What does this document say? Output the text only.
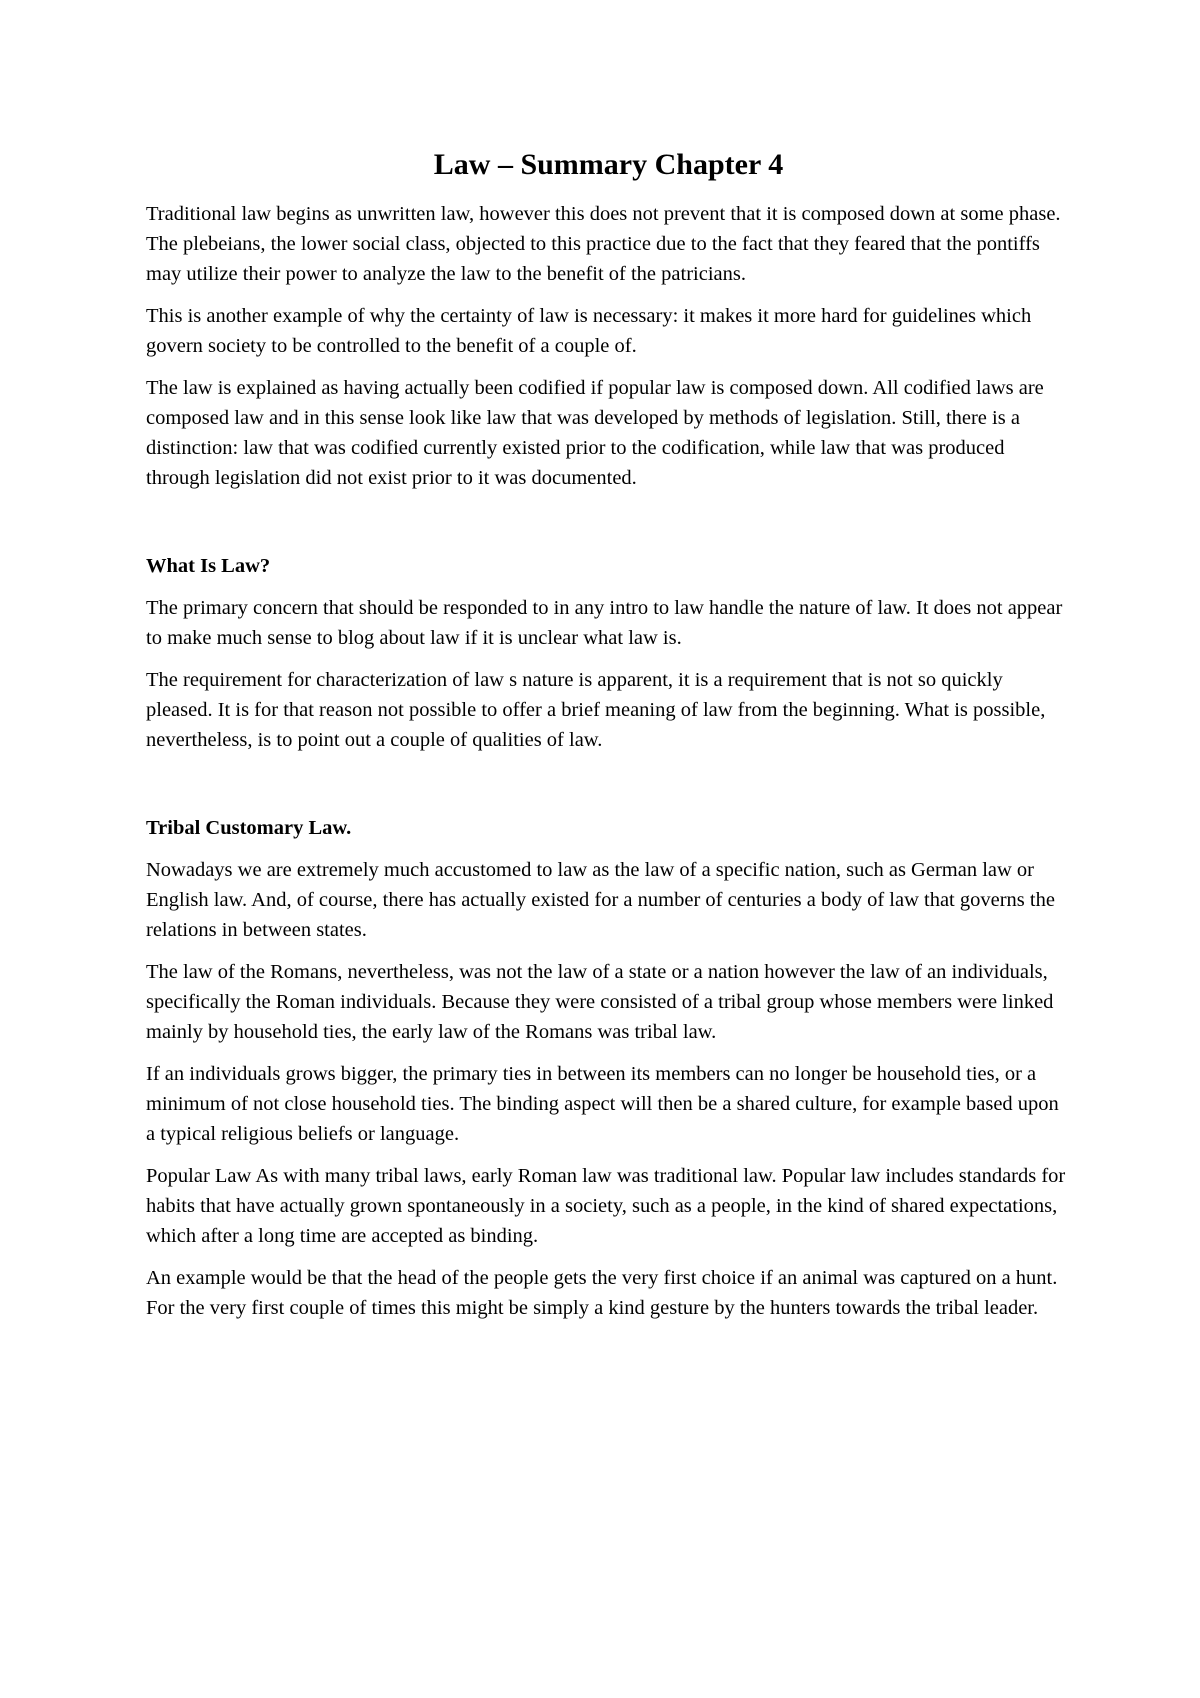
Law – Summary Chapter 4

Traditional law begins as unwritten law, however this does not prevent that it is composed down at some phase. The plebeians, the lower social class, objected to this practice due to the fact that they feared that the pontiffs may utilize their power to analyze the law to the benefit of the patricians.

This is another example of why the certainty of law is necessary: it makes it more hard for guidelines which govern society to be controlled to the benefit of a couple of.

The law is explained as having actually been codified if popular law is composed down. All codified laws are composed law and in this sense look like law that was developed by methods of legislation. Still, there is a distinction: law that was codified currently existed prior to the codification, while law that was produced through legislation did not exist prior to it was documented.

What Is Law?

The primary concern that should be responded to in any intro to law handle the nature of law. It does not appear to make much sense to blog about law if it is unclear what law is.

The requirement for characterization of law s nature is apparent, it is a requirement that is not so quickly pleased. It is for that reason not possible to offer a brief meaning of law from the beginning. What is possible, nevertheless, is to point out a couple of qualities of law.

Tribal Customary Law.

Nowadays we are extremely much accustomed to law as the law of a specific nation, such as German law or English law. And, of course, there has actually existed for a number of centuries a body of law that governs the relations in between states.

The law of the Romans, nevertheless, was not the law of a state or a nation however the law of an individuals, specifically the Roman individuals. Because they were consisted of a tribal group whose members were linked mainly by household ties, the early law of the Romans was tribal law.

If an individuals grows bigger, the primary ties in between its members can no longer be household ties, or a minimum of not close household ties. The binding aspect will then be a shared culture, for example based upon a typical religious beliefs or language.

Popular Law As with many tribal laws, early Roman law was traditional law. Popular law includes standards for habits that have actually grown spontaneously in a society, such as a people, in the kind of shared expectations, which after a long time are accepted as binding.

An example would be that the head of the people gets the very first choice if an animal was captured on a hunt. For the very first couple of times this might be simply a kind gesture by the hunters towards the tribal leader.
